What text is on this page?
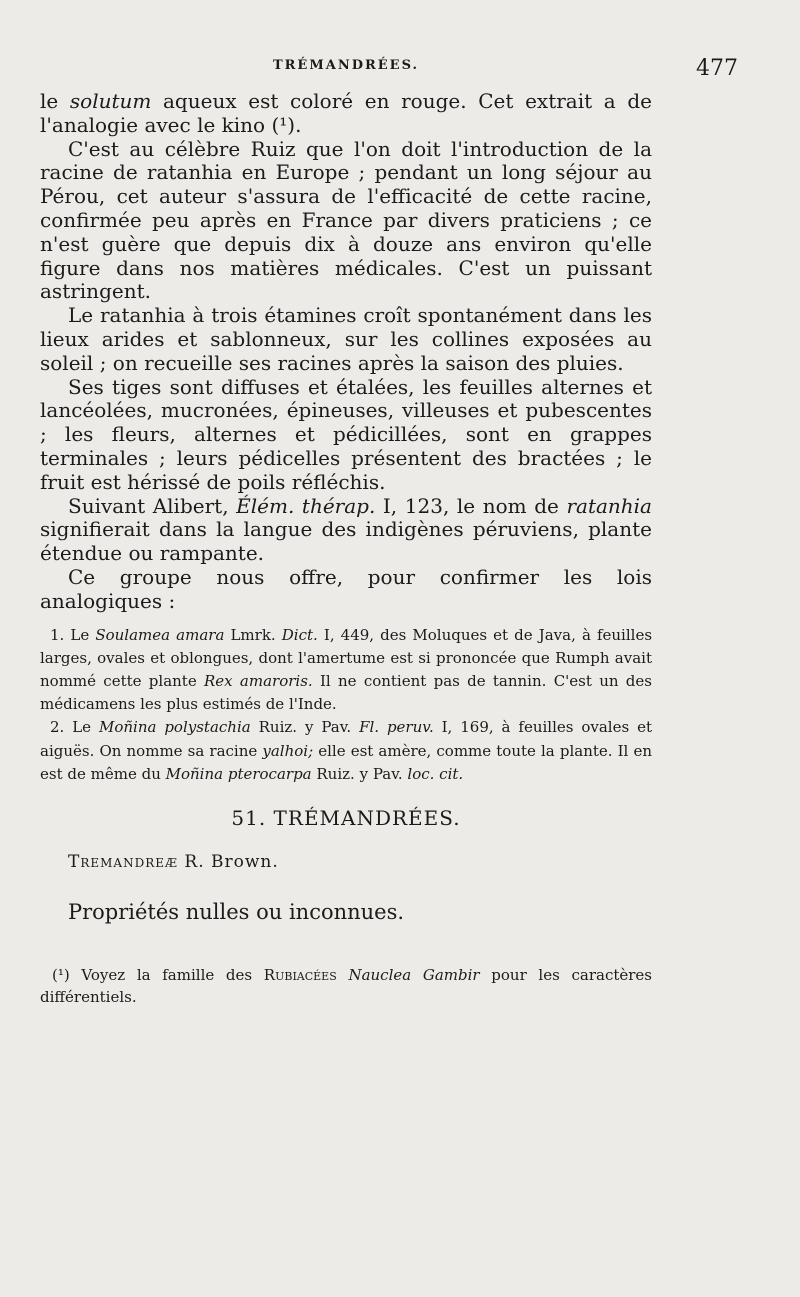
TRÉMANDRÉES.	477

le solutum aqueux est coloré en rouge. Cet extrait a de l'analogie avec le kino (¹).

C'est au célèbre Ruiz que l'on doit l'introduction de la racine de ratanhia en Europe ; pendant un long séjour au Pérou, cet auteur s'assura de l'efficacité de cette racine, confirmée peu après en France par divers praticiens ; ce n'est guère que depuis dix à douze ans environ qu'elle figure dans nos matières médicales. C'est un puissant astringent.

Le ratanhia à trois étamines croît spontanément dans les lieux arides et sablonneux, sur les collines exposées au soleil ; on recueille ses racines après la saison des pluies.

Ses tiges sont diffuses et étalées, les feuilles alternes et lancéolées, mucronées, épineuses, villeuses et pubescentes ; les fleurs, alternes et pédicillées, sont en grappes terminales ; leurs pédicelles présentent des bractées ; le fruit est hérissé de poils réfléchis.

Suivant Alibert, Élém. thérap. I, 123, le nom de ratanhia signifierait dans la langue des indigènes péruviens, plante étendue ou rampante.

Ce groupe nous offre, pour confirmer les lois analogiques :

1. Le Soulamea amara Lmrk. Dict. I, 449, des Moluques et de Java, à feuilles larges, ovales et oblongues, dont l'amertume est si prononcée que Rumph avait nommé cette plante Rex amaroris. Il ne contient pas de tannin. C'est un des médicamens les plus estimés de l'Inde.

2. Le Moñina polystachia Ruiz. y Pav. Fl. peruv. I, 169, à feuilles ovales et aiguës. On nomme sa racine yalhoi; elle est amère, comme toute la plante. Il en est de même du Moñina pterocarpa Ruiz. y Pav. loc. cit.

51. TRÉMANDRÉES.
Tremandreæ R. Brown.
Propriétés nulles ou inconnues.

(¹) Voyez la famille des Rubiacées Nauclea Gambir pour les caractères différentiels.
